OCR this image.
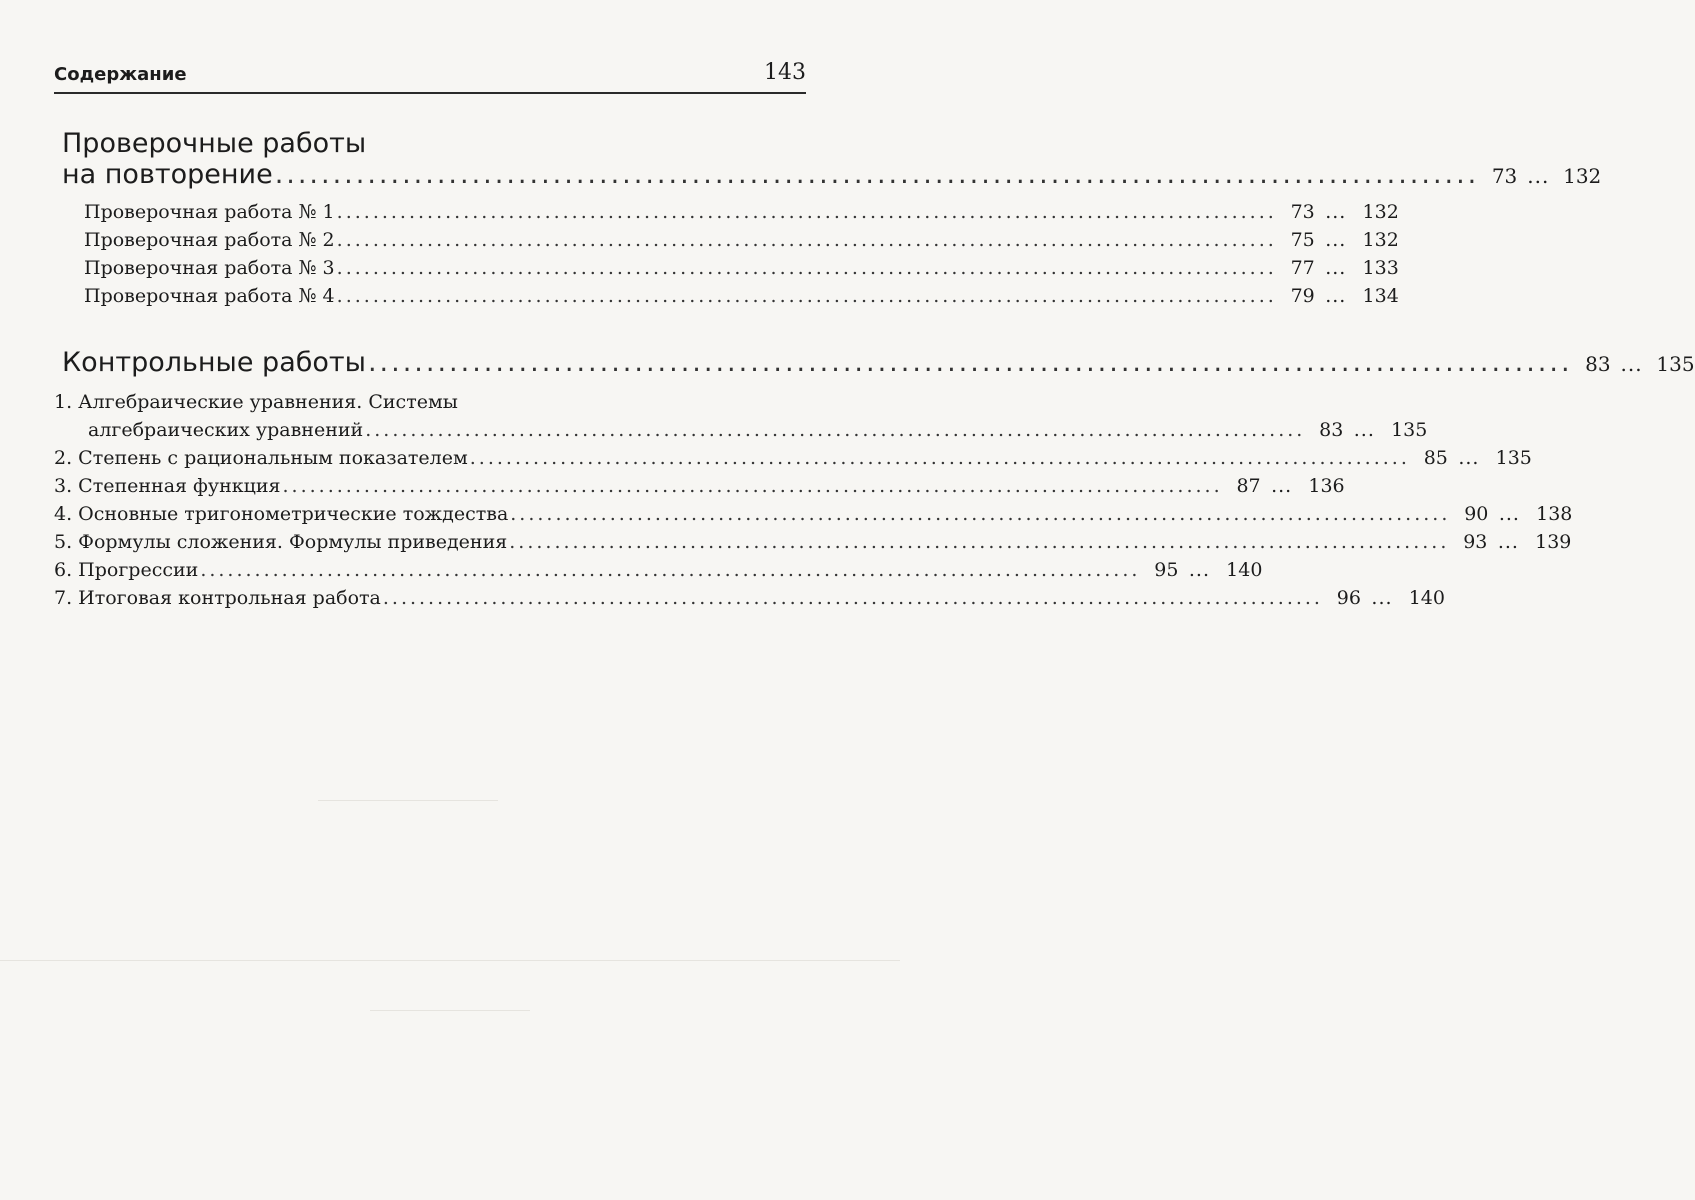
Содержание	143
Проверочные работы
на повторение ........................................................................................................ 73 ... 132
Проверочная работа № 1 ........................................................................................................ 73 ... 132
Проверочная работа № 2 ........................................................................................................ 75 ... 132
Проверочная работа № 3 ........................................................................................................ 77 ... 133
Проверочная работа № 4 ........................................................................................................ 79 ... 134
Контрольные работы ........................................................................................................ 83 ... 135
1. Алгебраические уравнения. Системы
алгебраических уравнений ........................................................................................................ 83 ... 135
2. Степень с рациональным показателем ........................................................................................................ 85 ... 135
3. Степенная функция ........................................................................................................ 87 ... 136
4. Основные тригонометрические тождества ........................................................................................................ 90 ... 138
5. Формулы сложения. Формулы приведения ........................................................................................................ 93 ... 139
6. Прогрессии ........................................................................................................ 95 ... 140
7. Итоговая контрольная работа ........................................................................................................ 96 ... 140
